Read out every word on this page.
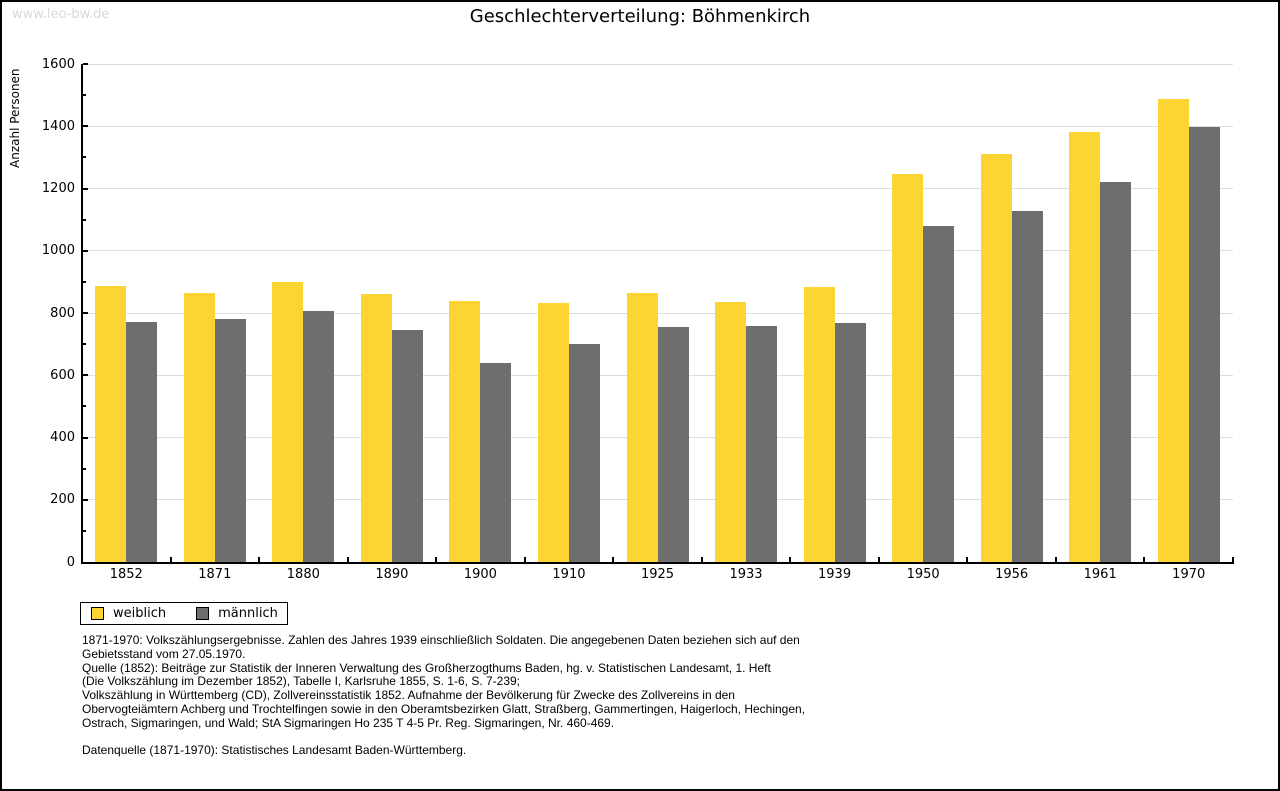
www.leo-bw.de	Geschlechterverteilung: Böhmenkirch
Anzahl Personen
0
200
400
600
800
1000
1200
1400
1600
1852	1871	1880	1890	1900	1910	1925	1933	1939	1950	1956	1961	1970
weiblich	männlich
1871-1970: Volkszählungsergebnisse. Zahlen des Jahres 1939 einschließlich Soldaten. Die angegebenen Daten beziehen sich auf den
Gebietsstand vom 27.05.1970.
Quelle (1852): Beiträge zur Statistik der Inneren Verwaltung des Großherzogthums Baden, hg. v. Statistischen Landesamt, 1. Heft
(Die Volkszählung im Dezember 1852), Tabelle I, Karlsruhe 1855, S. 1-6, S. 7-239;
Volkszählung in Württemberg (CD), Zollvereinsstatistik 1852. Aufnahme der Bevölkerung für Zwecke des Zollvereins in den
Obervogteiämtern Achberg und Trochtelfingen sowie in den Oberamtsbezirken Glatt, Straßberg, Gammertingen, Haigerloch, Hechingen,
Ostrach, Sigmaringen, und Wald; StA Sigmaringen Ho 235 T 4-5 Pr. Reg. Sigmaringen, Nr. 460-469.
Datenquelle (1871-1970): Statistisches Landesamt Baden-Württemberg.
